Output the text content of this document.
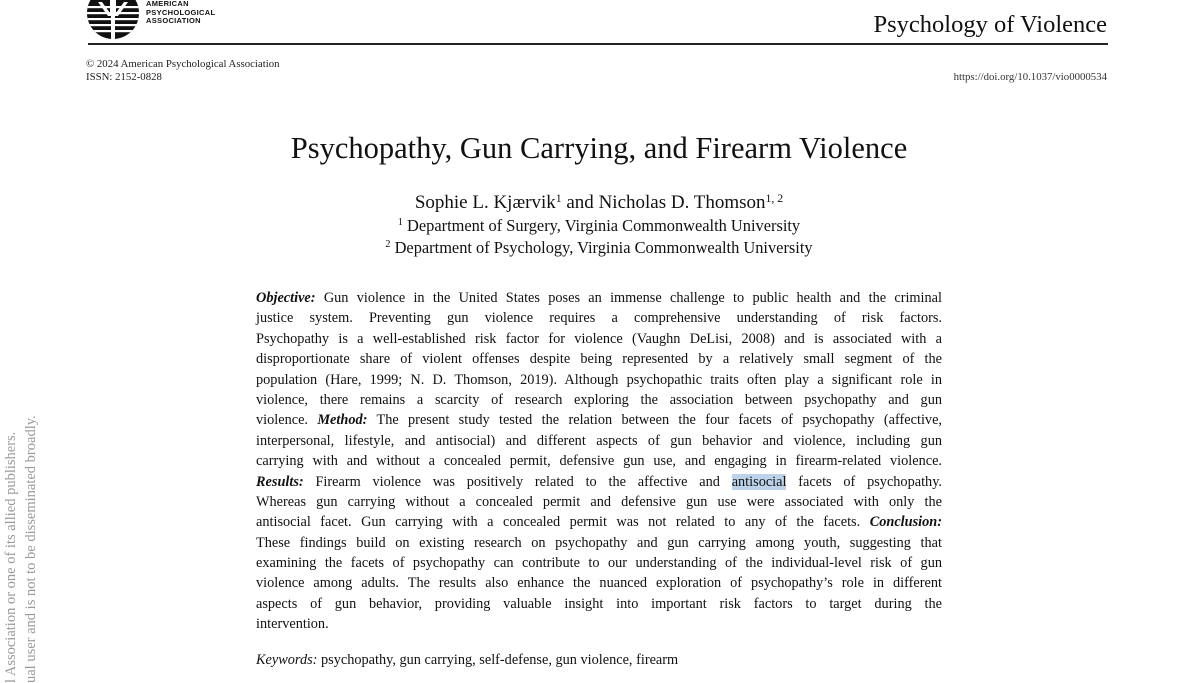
AMERICAN
PSYCHOLOGICAL
ASSOCIATION	Psychology of Violence
© 2024 American Psychological Association
ISSN: 2152-0828	https://doi.org/10.1037/vio0000534
Psychopathy, Gun Carrying, and Firearm Violence
Sophie L. Kjærvik$^1$ and Nicholas D. Thomson$^{1, 2}$
$^1$ Department of Surgery, Virginia Commonwealth University
$^2$ Department of Psychology, Virginia Commonwealth University
Objective: Gun violence in the United States poses an immense challenge to public health and the criminal
justice system. Preventing gun violence requires a comprehensive understanding of risk factors.
Psychopathy is a well-established risk factor for violence (Vaughn DeLisi, 2008) and is associated with a
disproportionate share of violent offenses despite being represented by a relatively small segment of the
population (Hare, 1999; N. D. Thomson, 2019). Although psychopathic traits often play a significant role in
violence, there remains a scarcity of research exploring the association between psychopathy and gun
violence. Method: The present study tested the relation between the four facets of psychopathy (affective,
interpersonal, lifestyle, and antisocial) and different aspects of gun behavior and violence, including gun
carrying with and without a concealed permit, defensive gun use, and engaging in firearm-related violence.
Results: Firearm violence was positively related to the affective and antisocial facets of psychopathy.
Whereas gun carrying without a concealed permit and defensive gun use were associated with only the
antisocial facet. Gun carrying with a concealed permit was not related to any of the facets. Conclusion:
These findings build on existing research on psychopathy and gun carrying among youth, suggesting that
examining the facets of psychopathy can contribute to our understanding of the individual-level risk of gun
violence among adults. The results also enhance the nuanced exploration of psychopathy’s role in different
aspects of gun behavior, providing valuable insight into important risk factors to target during the
intervention.
Keywords: psychopathy, gun carrying, self-defense, gun violence, firearm
l Association or one of its allied publishers. ual user and is not to be disseminated broadly.
